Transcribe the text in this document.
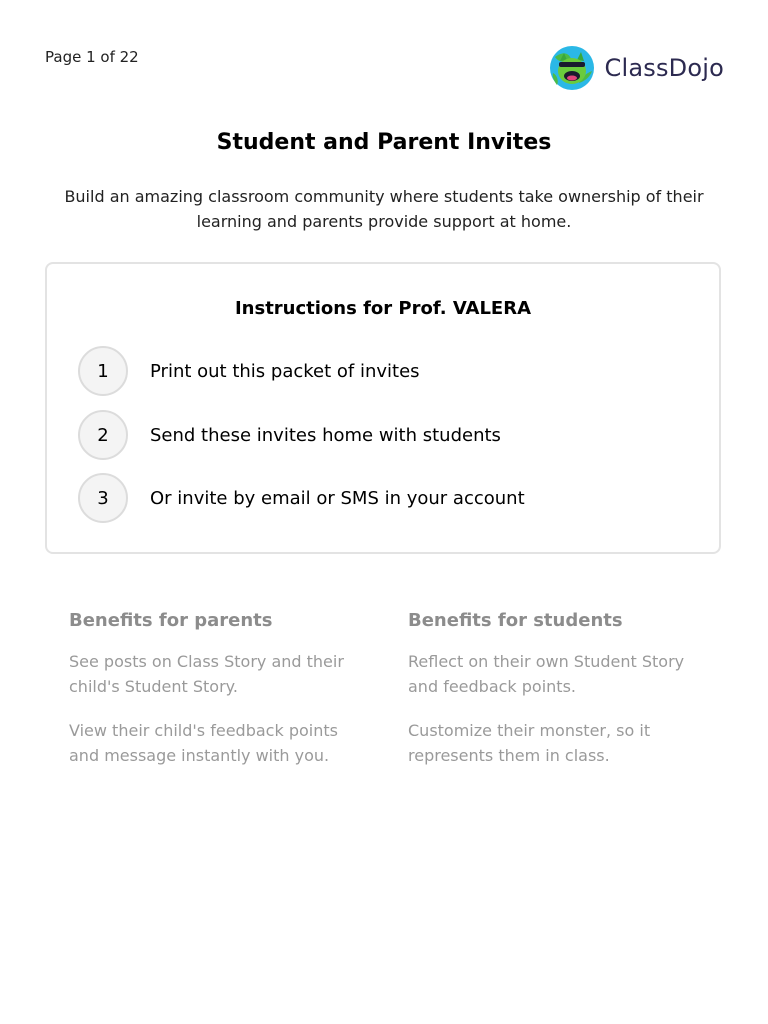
Page 1 of 22	ClassDojo
Student and Parent Invites
Build an amazing classroom community where students take ownership of their learning and parents provide support at home.
Instructions for Prof. VALERA
1	Print out this packet of invites
2	Send these invites home with students
3	Or invite by email or SMS in your account
Benefits for parents

See posts on Class Story and their child's Student Story.

View their child's feedback points and message instantly with you.

Benefits for students

Reflect on their own Student Story and feedback points.

Customize their monster, so it represents them in class.
